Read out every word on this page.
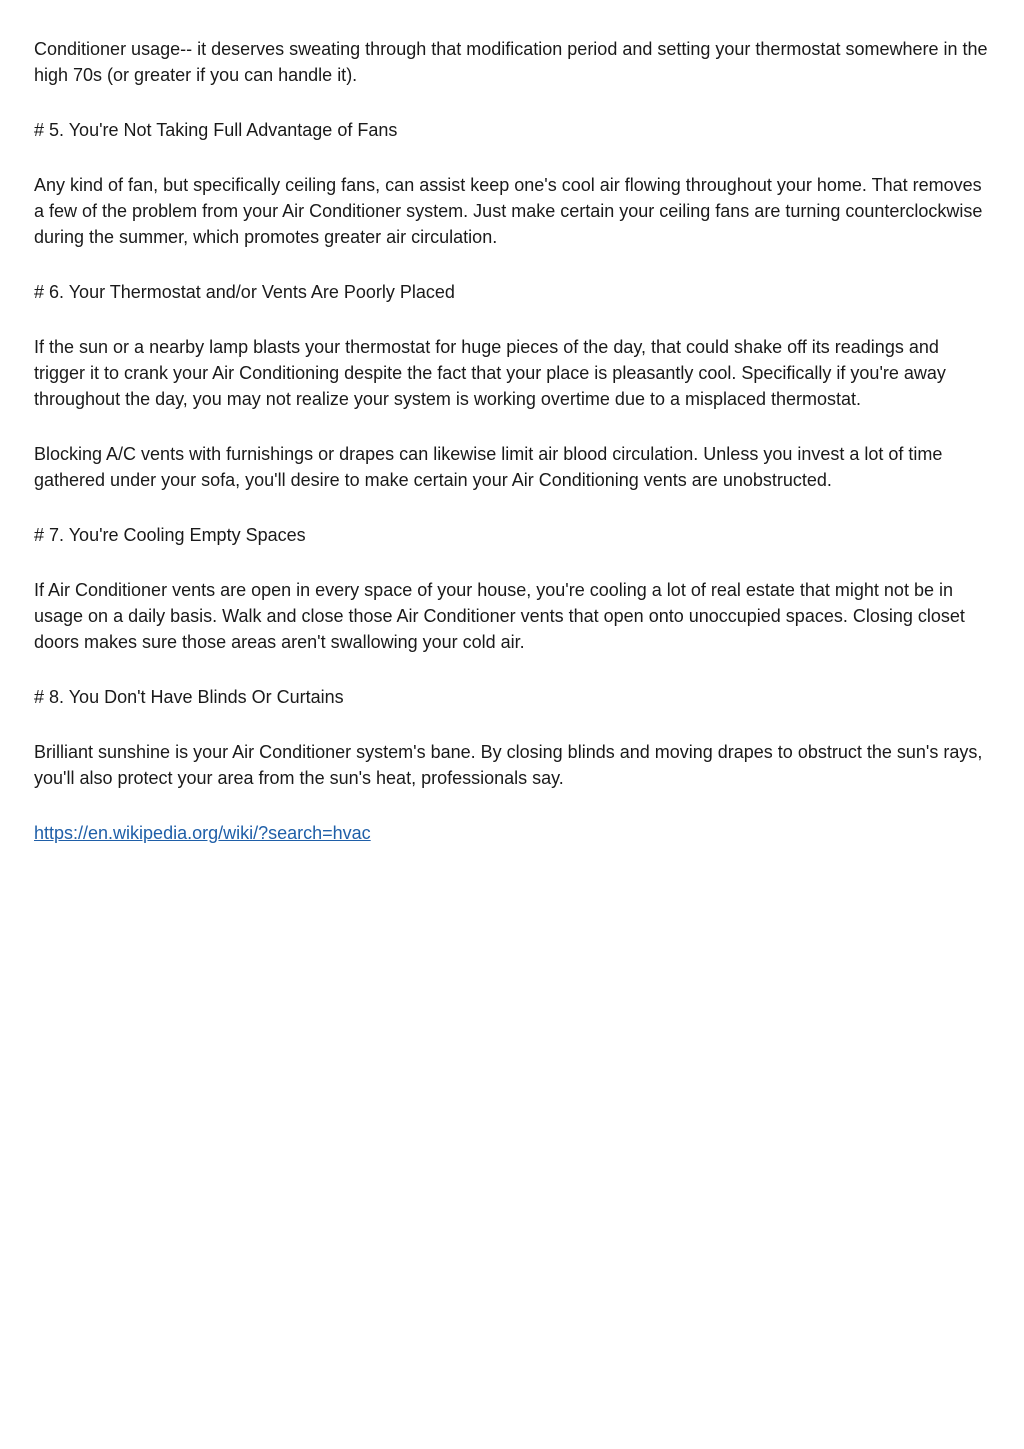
Conditioner usage-- it deserves sweating through that modification period and setting your thermostat somewhere in the high 70s (or greater if you can handle it).

# 5. You're Not Taking Full Advantage of Fans

Any kind of fan, but specifically ceiling fans, can assist keep one's cool air flowing throughout your home. That removes a few of the problem from your Air Conditioner system. Just make certain your ceiling fans are turning counterclockwise during the summer, which promotes greater air circulation.

# 6. Your Thermostat and/or Vents Are Poorly Placed

If the sun or a nearby lamp blasts your thermostat for huge pieces of the day, that could shake off its readings and trigger it to crank your Air Conditioning despite the fact that your place is pleasantly cool. Specifically if you're away throughout the day, you may not realize your system is working overtime due to a misplaced thermostat.

Blocking A/C vents with furnishings or drapes can likewise limit air blood circulation. Unless you invest a lot of time gathered under your sofa, you'll desire to make certain your Air Conditioning vents are unobstructed.

# 7. You're Cooling Empty Spaces

If Air Conditioner vents are open in every space of your house, you're cooling a lot of real estate that might not be in usage on a daily basis. Walk and close those Air Conditioner vents that open onto unoccupied spaces. Closing closet doors makes sure those areas aren't swallowing your cold air.

# 8. You Don't Have Blinds Or Curtains

Brilliant sunshine is your Air Conditioner system's bane. By closing blinds and moving drapes to obstruct the sun's rays, you'll also protect your area from the sun's heat, professionals say.

https://en.wikipedia.org/wiki/?search=hvac
